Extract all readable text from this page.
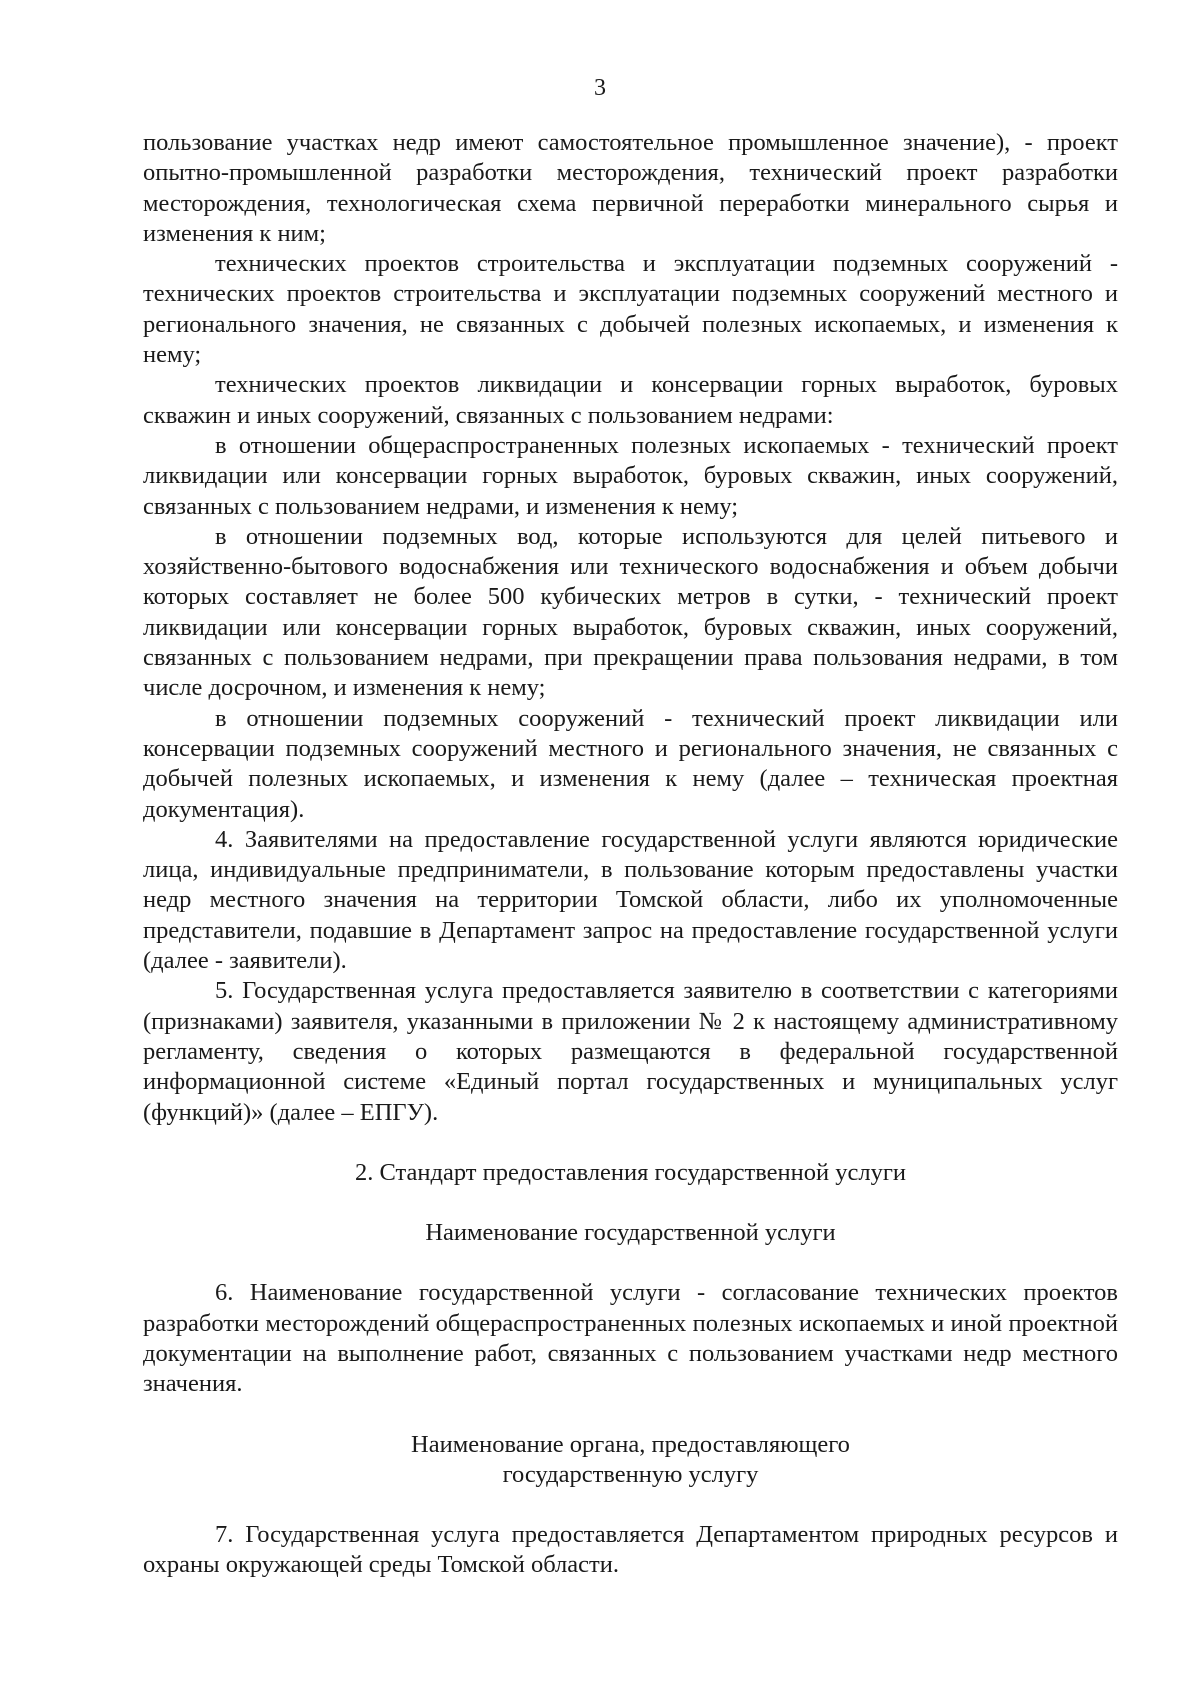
3

пользование участках недр имеют самостоятельное промышленное значение), - проект опытно-промышленной разработки месторождения, технический проект разработки месторождения, технологическая схема первичной переработки минерального сырья и изменения к ним;

технических проектов строительства и эксплуатации подземных сооружений - технических проектов строительства и эксплуатации подземных сооружений местного и регионального значения, не связанных с добычей полезных ископаемых, и изменения к нему;

технических проектов ликвидации и консервации горных выработок, буровых скважин и иных сооружений, связанных с пользованием недрами:

в отношении общераспространенных полезных ископаемых - технический проект ликвидации или консервации горных выработок, буровых скважин, иных сооружений, связанных с пользованием недрами, и изменения к нему;

в отношении подземных вод, которые используются для целей питьевого и хозяйственно-бытового водоснабжения или технического водоснабжения и объем добычи которых составляет не более 500 кубических метров в сутки, - технический проект ликвидации или консервации горных выработок, буровых скважин, иных сооружений, связанных с пользованием недрами, при прекращении права пользования недрами, в том числе досрочном, и изменения к нему;

в отношении подземных сооружений - технический проект ликвидации или консервации подземных сооружений местного и регионального значения, не связанных с добычей полезных ископаемых, и изменения к нему (далее – техническая проектная документация).

4. Заявителями на предоставление государственной услуги являются юридические лица, индивидуальные предприниматели, в пользование которым предоставлены участки недр местного значения на территории Томской области, либо их уполномоченные представители, подавшие в Департамент запрос на предоставление государственной услуги (далее - заявители).

5. Государственная услуга предоставляется заявителю в соответствии с категориями (признаками) заявителя, указанными в приложении № 2 к настоящему административному регламенту, сведения о которых размещаются в федеральной государственной информационной системе «Единый портал государственных и муниципальных услуг (функций)» (далее – ЕПГУ).

2. Стандарт предоставления государственной услуги

Наименование государственной услуги

6. Наименование государственной услуги - согласование технических проектов разработки месторождений общераспространенных полезных ископаемых и иной проектной документации на выполнение работ, связанных с пользованием участками недр местного значения.

Наименование органа, предоставляющего
государственную услугу

7. Государственная услуга предоставляется Департаментом природных ресурсов и охраны окружающей среды Томской области.
